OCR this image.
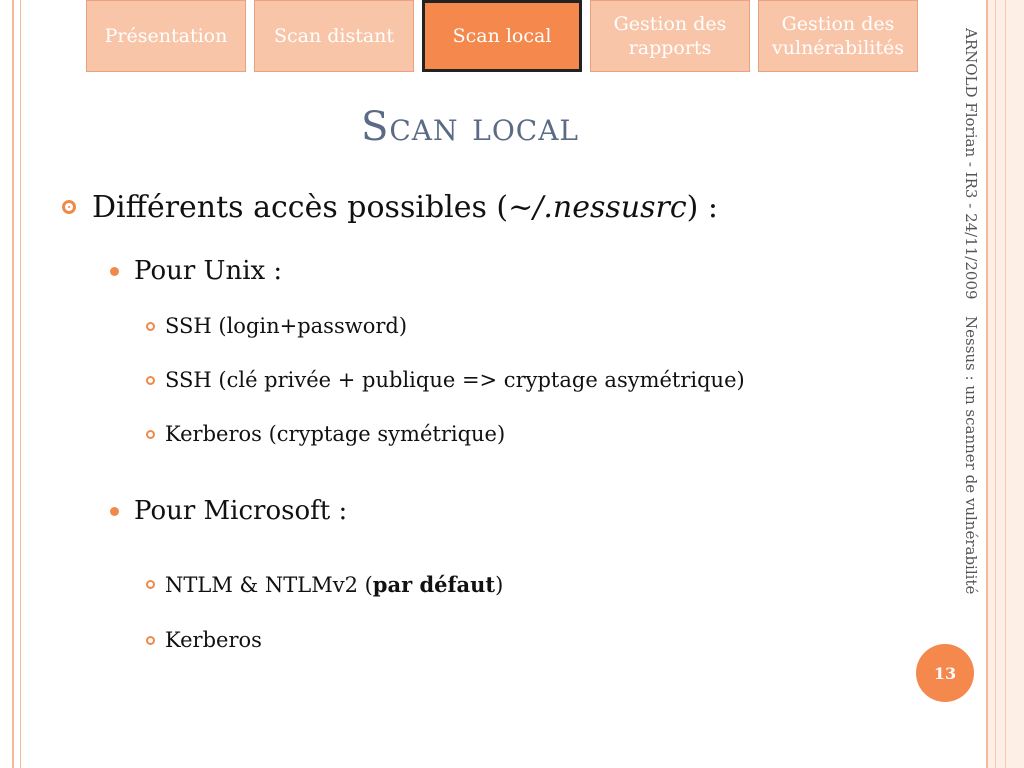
Présentation	Scan distant	Scan local
Gestion des rapports
Gestion des vulnérabilités
Scan local
Différents accès possibles (~/.nessusrc) :
Pour Unix :
SSH (login+password)
SSH (clé privée + publique => cryptage asymétrique)
Kerberos (cryptage symétrique)
Pour Microsoft :
NTLM & NTLMv2 (par défaut)
Kerberos
ARNOLD Florian - IR3 - 24/11/2009
Nessus : un scanner de vulnérabilité
13
